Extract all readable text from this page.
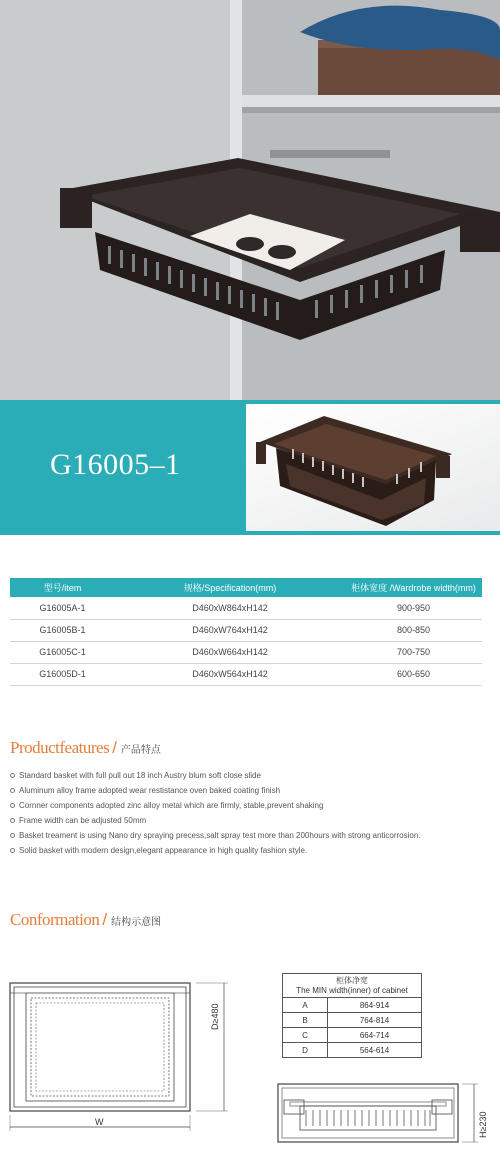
G16005–1
型号/item	规格/Specification(mm)	柜体宽度 /Wardrobe width(mm)
G16005A-1	D460xW864xH142	900-950
G16005B-1	D460xW764xH142	800-850
G16005C-1	D460xW664xH142	700-750
G16005D-1	D460xW564xH142	600-650
Productfeatures / 产品特点
Standard basket with full pull out 18 inch Austry blum soft close slide
Aluminum alloy frame adopted wear restistance oven baked coating finish
Cornner components adopted zinc alloy metal which are firmly, stable,prevent shaking
Frame width can be adjusted 50mm
Basket treament is using Nano dry spraying precess,salt spray test more than 200hours with strong anticorrosion.
Solid basket with modern design,elegant appearance in high quality fashion style.
Conformation / 结构示意图
D≥480
W
柜体净宽
The MIN width(inner) of cabinet	

A	864-914
B	764-814
C	664-714
D	564-614
H≥230
